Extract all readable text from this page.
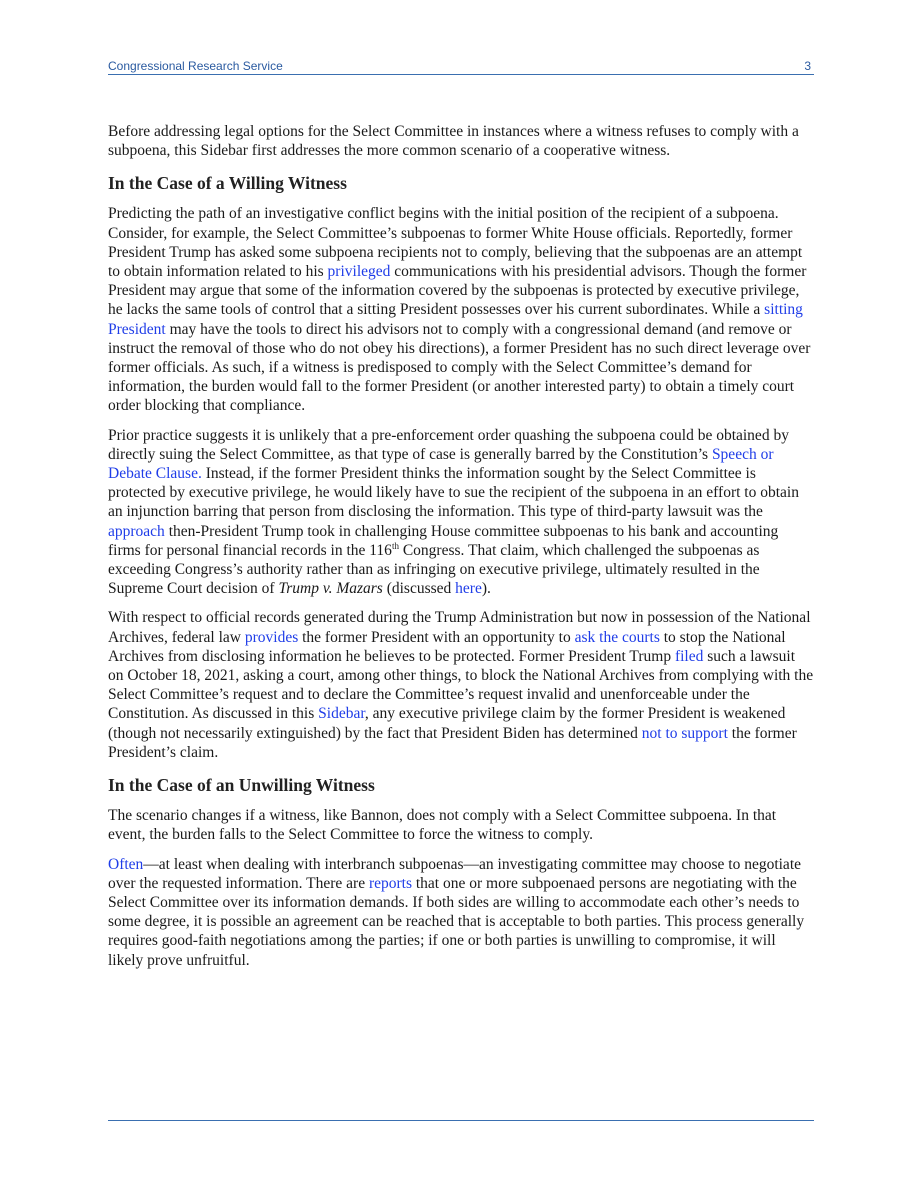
Congressional Research Service	3

Before addressing legal options for the Select Committee in instances where a witness refuses to comply with a subpoena, this Sidebar first addresses the more common scenario of a cooperative witness.

In the Case of a Willing Witness

Predicting the path of an investigative conflict begins with the initial position of the recipient of a subpoena. Consider, for example, the Select Committee’s subpoenas to former White House officials. Reportedly, former President Trump has asked some subpoena recipients not to comply, believing that the subpoenas are an attempt to obtain information related to his privileged communications with his presidential advisors. Though the former President may argue that some of the information covered by the subpoenas is protected by executive privilege, he lacks the same tools of control that a sitting President possesses over his current subordinates. While a sitting President may have the tools to direct his advisors not to comply with a congressional demand (and remove or instruct the removal of those who do not obey his directions), a former President has no such direct leverage over former officials. As such, if a witness is predisposed to comply with the Select Committee’s demand for information, the burden would fall to the former President (or another interested party) to obtain a timely court order blocking that compliance.

Prior practice suggests it is unlikely that a pre-enforcement order quashing the subpoena could be obtained by directly suing the Select Committee, as that type of case is generally barred by the Constitution’s Speech or Debate Clause. Instead, if the former President thinks the information sought by the Select Committee is protected by executive privilege, he would likely have to sue the recipient of the subpoena in an effort to obtain an injunction barring that person from disclosing the information. This type of third-party lawsuit was the approach then-President Trump took in challenging House committee subpoenas to his bank and accounting firms for personal financial records in the 116th Congress. That claim, which challenged the subpoenas as exceeding Congress’s authority rather than as infringing on executive privilege, ultimately resulted in the Supreme Court decision of Trump v. Mazars (discussed here).

With respect to official records generated during the Trump Administration but now in possession of the National Archives, federal law provides the former President with an opportunity to ask the courts to stop the National Archives from disclosing information he believes to be protected. Former President Trump filed such a lawsuit on October 18, 2021, asking a court, among other things, to block the National Archives from complying with the Select Committee’s request and to declare the Committee’s request invalid and unenforceable under the Constitution. As discussed in this Sidebar, any executive privilege claim by the former President is weakened (though not necessarily extinguished) by the fact that President Biden has determined not to support the former President’s claim.

In the Case of an Unwilling Witness

The scenario changes if a witness, like Bannon, does not comply with a Select Committee subpoena. In that event, the burden falls to the Select Committee to force the witness to comply.

Often—at least when dealing with interbranch subpoenas—an investigating committee may choose to negotiate over the requested information. There are reports that one or more subpoenaed persons are negotiating with the Select Committee over its information demands. If both sides are willing to accommodate each other’s needs to some degree, it is possible an agreement can be reached that is acceptable to both parties. This process generally requires good-faith negotiations among the parties; if one or both parties is unwilling to compromise, it will likely prove unfruitful.
